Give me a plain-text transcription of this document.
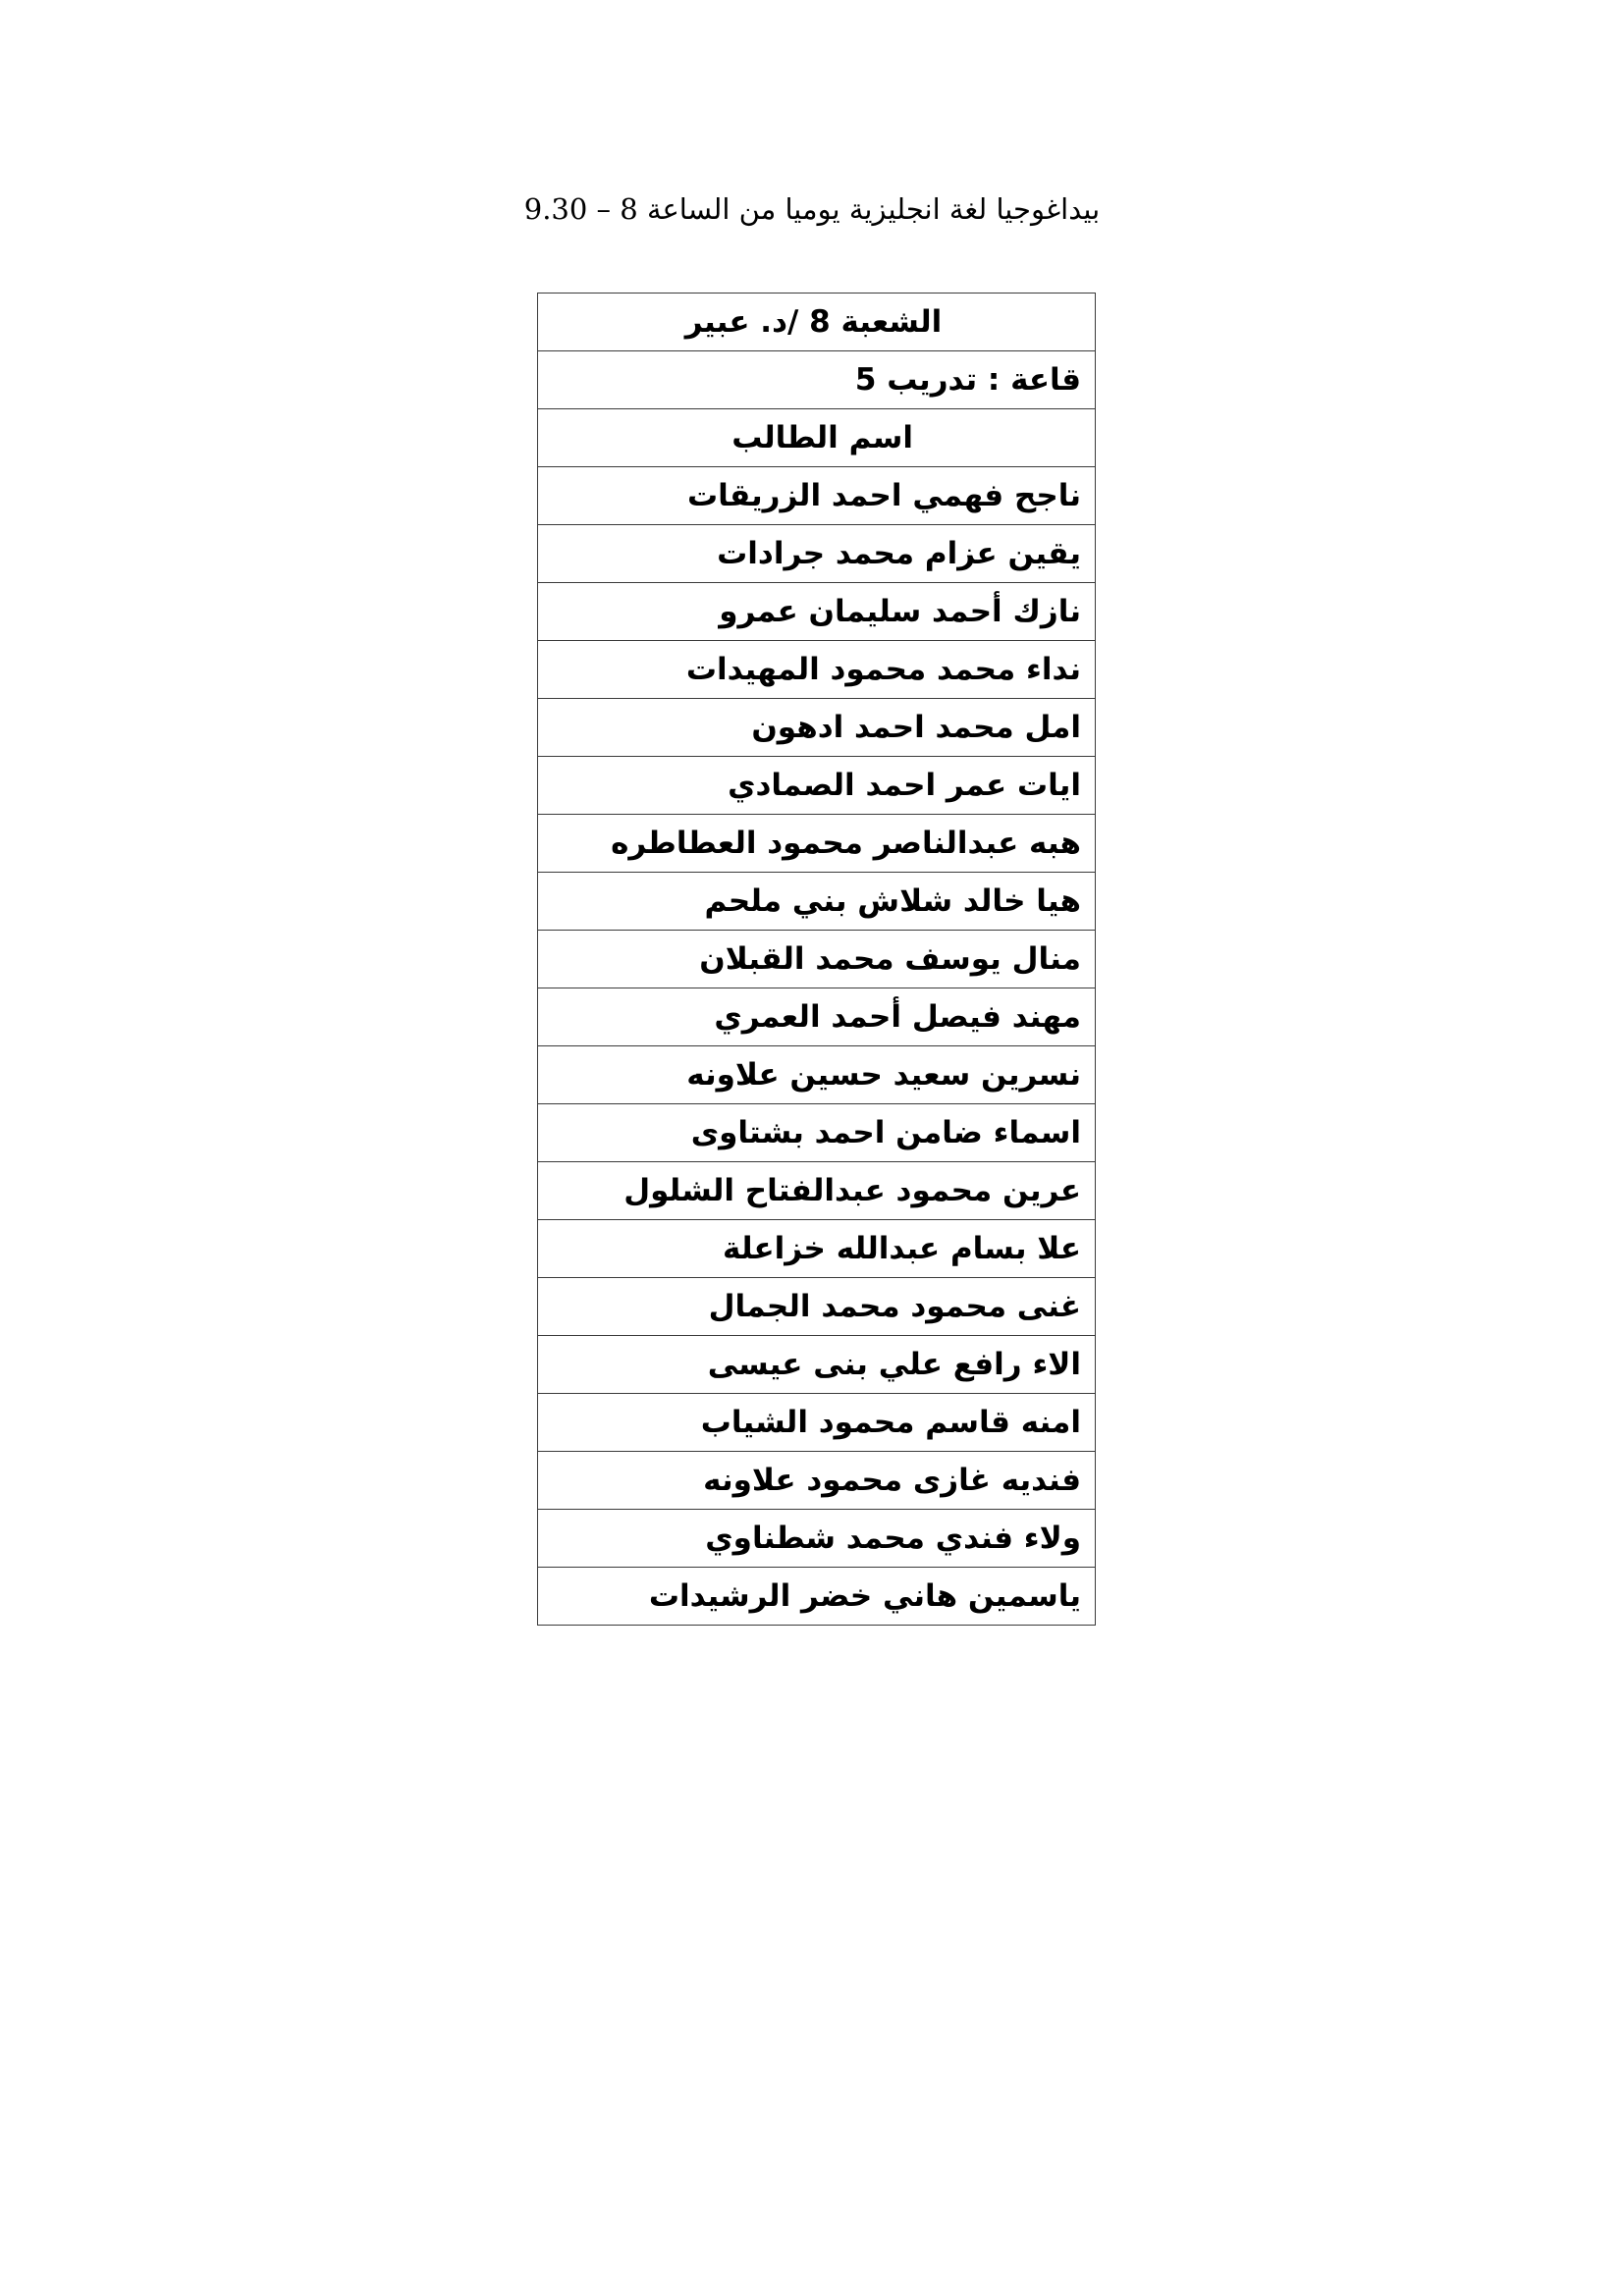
بيداغوجيا لغة انجليزية يوميا من الساعة 8 – 9.30
الشعبة 8 /د. عبير
قاعة : تدريب 5
اسم الطالب
ناجح فهمي احمد الزريقات
يقين عزام محمد جرادات
نازك أحمد سليمان عمرو
نداء محمد محمود المهيدات
امل محمد احمد ادهون
ايات عمر احمد الصمادي
هبه عبدالناصر محمود العطاطره
هيا خالد شلاش بني ملحم
منال يوسف محمد القبلان
مهند فيصل أحمد العمري
نسرين سعيد حسين علاونه
اسماء ضامن احمد بشتاوى
عرين محمود عبدالفتاح الشلول
علا بسام عبدالله خزاعلة
غنى محمود محمد الجمال
الاء رافع علي بنى عيسى
امنه قاسم محمود الشياب
فنديه غازى محمود علاونه
ولاء فندي محمد شطناوي
ياسمين هاني خضر الرشيدات
